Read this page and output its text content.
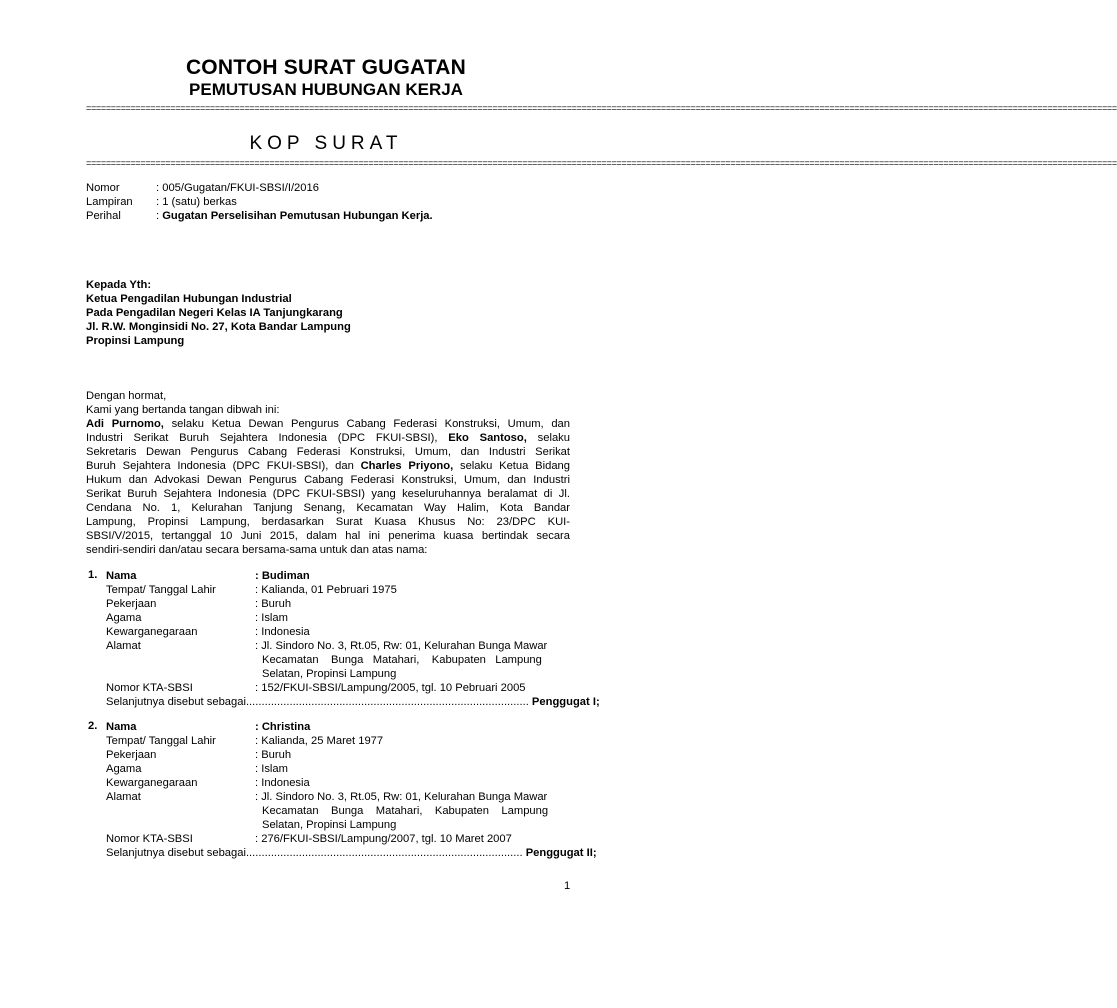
CONTOH SURAT GUGATAN
PEMUTUSAN HUBUNGAN KERJA
================================================================================================================================================================================================================
KOP SURAT
================================================================================================================================================================================================================
Nomor	: 005/Gugatan/FKUI-SBSI/I/2016
Lampiran : 1 (satu) berkas
Perihal	: Gugatan Perselisihan Pemutusan Hubungan Kerja.
Kepada Yth:
Ketua Pengadilan Hubungan Industrial
Pada Pengadilan Negeri Kelas IA Tanjungkarang
Jl. R.W. Monginsidi No. 27, Kota Bandar Lampung
Propinsi Lampung
Dengan hormat,
Kami yang bertanda tangan dibwah ini:
Adi Purnomo, selaku Ketua Dewan Pengurus Cabang Federasi Konstruksi, Umum, dan
Industri Serikat Buruh Sejahtera Indonesia (DPC FKUI-SBSI), Eko Santoso, selaku
Sekretaris Dewan Pengurus Cabang Federasi Konstruksi, Umum, dan Industri Serikat
Buruh Sejahtera Indonesia (DPC FKUI-SBSI), dan Charles Priyono, selaku Ketua Bidang
Hukum dan Advokasi Dewan Pengurus Cabang Federasi Konstruksi, Umum, dan Industri
Serikat Buruh Sejahtera Indonesia (DPC FKUI-SBSI) yang keseluruhannya beralamat di Jl.
Cendana No. 1, Kelurahan Tanjung Senang, Kecamatan Way Halim, Kota Bandar
Lampung, Propinsi Lampung, berdasarkan Surat Kuasa Khusus No: 23/DPC KUI-
SBSI/V/2015, tertanggal 10 Juni 2015, dalam hal ini penerima kuasa bertindak secara
sendiri-sendiri dan/atau secara bersama-sama untuk dan atas nama:
1. Nama	: Budiman
Tempat/ Tanggal Lahir	: Kalianda, 01 Pebruari 1975
Pekerjaan	: Buruh
Agama	: Islam
Kewarganegaraan	: Indonesia
Alamat	: Jl. Sindoro No. 3, Rt.05, Rw: 01, Kelurahan Bunga Mawar
Kecamatan    Bunga   Matahari,    Kabupaten   Lampung
Selatan, Propinsi Lampung
Nomor KTA-SBSI	: 152/FKUI-SBSI/Lampung/2005, tgl. 10 Pebruari 2005
Selanjutnya disebut sebagai........................................................................................... Penggugat I;
2. Nama	: Christina
Tempat/ Tanggal Lahir	: Kalianda, 25 Maret 1977
Pekerjaan	: Buruh
Agama	: Islam
Kewarganegaraan	: Indonesia
Alamat	: Jl. Sindoro No. 3, Rt.05, Rw: 01, Kelurahan Bunga Mawar
Kecamatan    Bunga    Matahari,    Kabupaten    Lampung
Selatan, Propinsi Lampung
Nomor KTA-SBSI	: 276/FKUI-SBSI/Lampung/2007, tgl. 10 Maret 2007
Selanjutnya disebut sebagai......................................................................................... Penggugat II;
1
